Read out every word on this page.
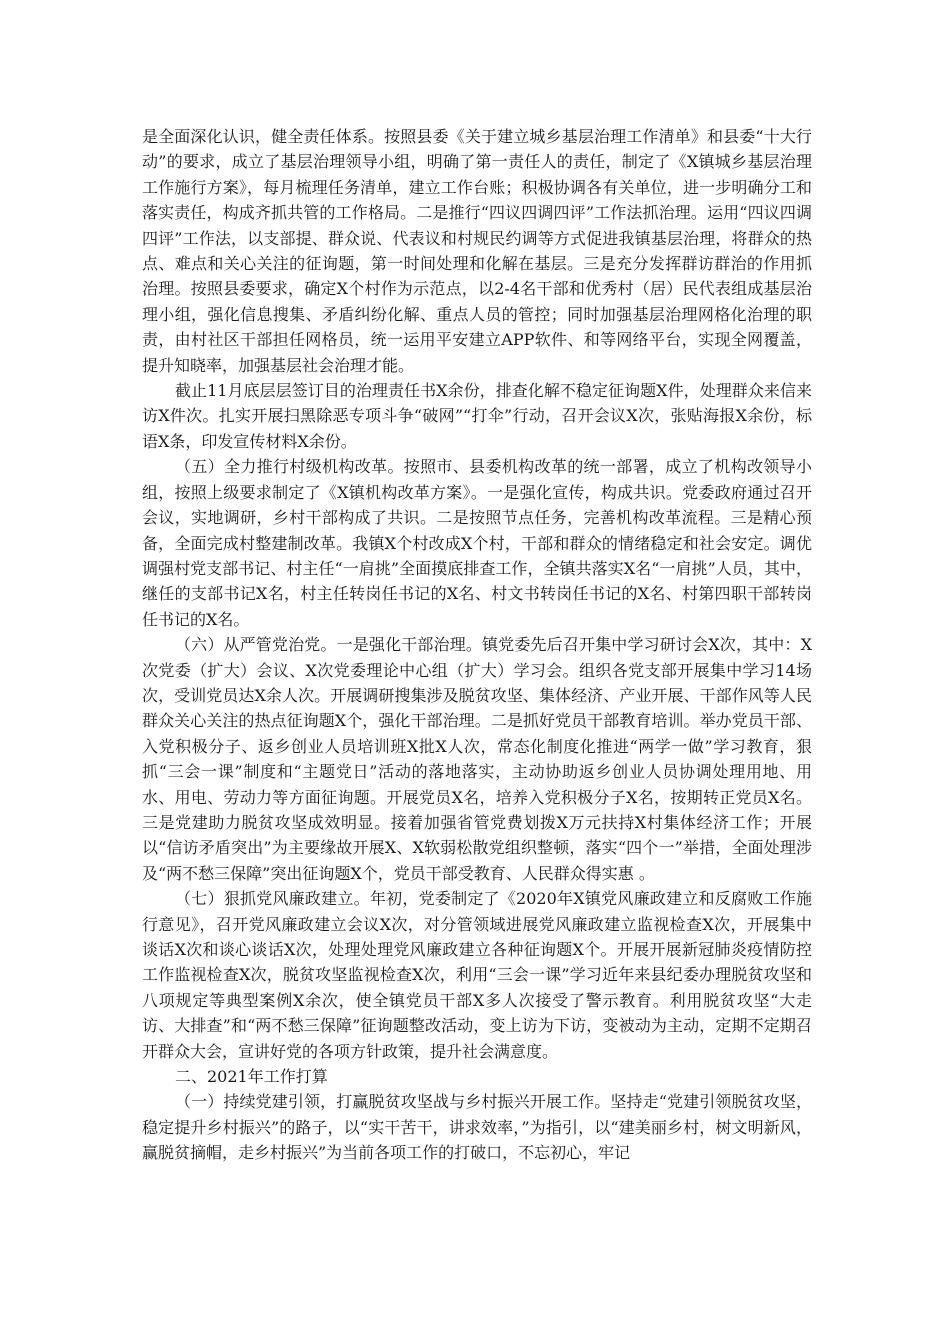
是全面深化认识，健全责任体系。按照县委《关于建立城乡基层治理工作清单》和县委“十大行动”的要求，成立了基层治理领导小组，明确了第一责任人的责任，制定了《X镇城乡基层治理工作施行方案》，每月梳理任务清单，建立工作台账；积极协调各有关单位，进一步明确分工和落实责任，构成齐抓共管的工作格局。二是推行“四议四调四评”工作法抓治理。运用“四议四调四评”工作法，以支部提、群众说、代表议和村规民约调等方式促进我镇基层治理，将群众的热点、难点和关心关注的征询题，第一时间处理和化解在基层。三是充分发挥群访群治的作用抓治理。按照县委要求，确定X个村作为示范点，以2-4名干部和优秀村（居）民代表组成基层治理小组，强化信息搜集、矛盾纠纷化解、重点人员的管控；同时加强基层治理网格化治理的职责，由村社区干部担任网格员，统一运用平安建立APP软件、和等网络平台，实现全网覆盖，提升知晓率，加强基层社会治理才能。

截止11月底层层签订目的治理责任书X余份，排查化解不稳定征询题X件，处理群众来信来访X件次。扎实开展扫黑除恶专项斗争“破网”“打伞”行动，召开会议X次，张贴海报X余份，标语X条，印发宣传材料X余份。

（五）全力推行村级机构改革。按照市、县委机构改革的统一部署，成立了机构改领导小组，按照上级要求制定了《X镇机构改革方案》。一是强化宣传，构成共识。党委政府通过召开会议，实地调研，乡村干部构成了共识。二是按照节点任务，完善机构改革流程。三是精心预备，全面完成村整建制改革。我镇X个村改成X个村，干部和群众的情绪稳定和社会安定。调优调强村党支部书记、村主任“一肩挑”全面摸底排查工作，全镇共落实X名“一肩挑”人员，其中，继任的支部书记X名，村主任转岗任书记的X名、村文书转岗任书记的X名、村第四职干部转岗任书记的X名。

（六）从严管党治党。一是强化干部治理。镇党委先后召开集中学习研讨会X次，其中：X次党委（扩大）会议、X次党委理论中心组（扩大）学习会。组织各党支部开展集中学习14场次，受训党员达X余人次。开展调研搜集涉及脱贫攻坚、集体经济、产业开展、干部作风等人民群众关心关注的热点征询题X个，强化干部治理。二是抓好党员干部教育培训。举办党员干部、入党积极分子、返乡创业人员培训班X批X人次，常态化制度化推进“两学一做”学习教育，狠抓“三会一课”制度和“主题党日”活动的落地落实，主动协助返乡创业人员协调处理用地、用水、用电、劳动力等方面征询题。开展党员X名，培养入党积极分子X名，按期转正党员X名。三是党建助力脱贫攻坚成效明显。接着加强省管党费划拨X万元扶持X村集体经济工作；开展以“信访矛盾突出”为主要缘故开展X、X软弱松散党组织整顿，落实“四个一”举措，全面处理涉及“两不愁三保障”突出征询题X个，党员干部受教育、人民群众得实惠 。

（七）狠抓党风廉政建立。年初，党委制定了《2020年X镇党风廉政建立和反腐败工作施行意见》，召开党风廉政建立会议X次，对分管领域进展党风廉政建立监视检查X次，开展集中谈话X次和谈心谈话X次，处理处理党风廉政建立各种征询题X个。开展开展新冠肺炎疫情防控工作监视检查X次，脱贫攻坚监视检查X次，利用“三会一课”学习近年来县纪委办理脱贫攻坚和八项规定等典型案例X余次，使全镇党员干部X多人次接受了警示教育。利用脱贫攻坚“大走访、大排查”和“两不愁三保障”征询题整改活动，变上访为下访，变被动为主动，定期不定期召开群众大会，宣讲好党的各项方针政策，提升社会满意度。

二、2021年工作打算

（一）持续党建引领，打赢脱贫攻坚战与乡村振兴开展工作。坚持走“党建引领脱贫攻坚，稳定提升乡村振兴”的路子，以“实干苦干，讲求效率，”为指引，以“建美丽乡村，树文明新风，赢脱贫摘帽，走乡村振兴”为当前各项工作的打破口，不忘初心，牢记
